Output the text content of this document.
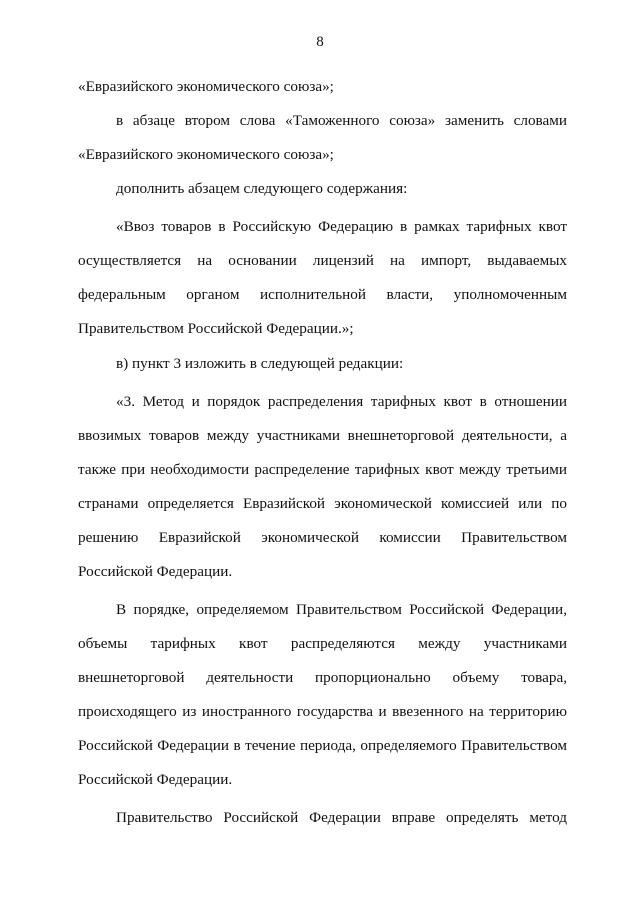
8
«Евразийского экономического союза»;
в абзаце втором слова «Таможенного союза» заменить словами
«Евразийского экономического союза»;
дополнить абзацем следующего содержания:
«Ввоз товаров в Российскую Федерацию в рамках тарифных квот
осуществляется на основании лицензий на импорт, выдаваемых
федеральным органом исполнительной власти, уполномоченным
Правительством Российской Федерации.»;
в) пункт 3 изложить в следующей редакции:
«3. Метод и порядок распределения тарифных квот в отношении
ввозимых товаров между участниками внешнеторговой деятельности, а
также при необходимости распределение тарифных квот между третьими
странами определяется Евразийской экономической комиссией или по
решению Евразийской экономической комиссии Правительством
Российской Федерации.
В порядке, определяемом Правительством Российской Федерации,
объемы тарифных квот распределяются между участниками
внешнеторговой деятельности пропорционально объему товара,
происходящего из иностранного государства и ввезенного на территорию
Российской Федерации в течение периода, определяемого Правительством
Российской Федерации.
Правительство Российской Федерации вправе определять метод
